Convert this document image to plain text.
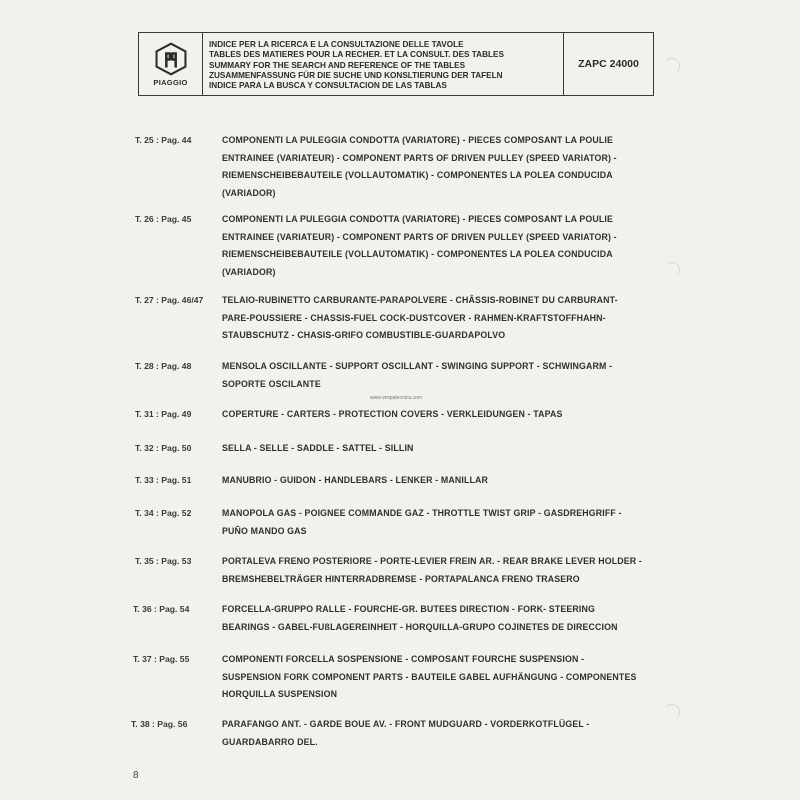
PIAGGIO
INDICE PER LA RICERCA E LA CONSULTAZIONE DELLE TAVOLE
TABLES DES MATIERES POUR LA RECHER. ET LA CONSULT. DES TABLES
SUMMARY FOR THE SEARCH AND REFERENCE OF THE TABLES
ZUSAMMENFASSUNG FÜR DIE SUCHE UND KONSLTIERUNG DER TAFELN
INDICE PARA LA BUSCA Y CONSULTACION DE LAS TABLAS
ZAPC 24000
T. 25 : Pag. 44	COMPONENTI LA PULEGGIA CONDOTTA (VARIATORE) - PIECES COMPOSANT LA POULIE ENTRAINEE (VARIATEUR) - COMPONENT PARTS OF DRIVEN PULLEY (SPEED VARIATOR) - RIEMENSCHEIBEBAUTEILE (VOLLAUTOMATIK) - COMPONENTES LA POLEA CONDUCIDA (VARIADOR)
T. 26 : Pag. 45	COMPONENTI LA PULEGGIA CONDOTTA (VARIATORE) - PIECES COMPOSANT LA POULIE ENTRAINEE (VARIATEUR) - COMPONENT PARTS OF DRIVEN PULLEY (SPEED VARIATOR) - RIEMENSCHEIBEBAUTEILE (VOLLAUTOMATIK) - COMPONENTES LA POLEA CONDUCIDA (VARIADOR)
T. 27 : Pag. 46/47 TELAIO-RUBINETTO CARBURANTE-PARAPOLVERE - CHÂSSIS-ROBINET DU CARBURANT-PARE-POUSSIERE - CHASSIS-FUEL COCK-DUSTCOVER - RAHMEN-KRAFTSTOFFHAHN-STAUBSCHUTZ - CHASIS-GRIFO COMBUSTIBLE-GUARDAPOLVO
T. 28 : Pag. 48	MENSOLA OSCILLANTE - SUPPORT OSCILLANT - SWINGING SUPPORT - SCHWINGARM - SOPORTE OSCILANTE
www.vespatecnica.com
T. 31 : Pag. 49	COPERTURE - CARTERS - PROTECTION COVERS - VERKLEIDUNGEN - TAPAS
T. 32 : Pag. 50	SELLA - SELLE - SADDLE - SATTEL - SILLIN
T. 33 : Pag. 51	MANUBRIO - GUIDON - HANDLEBARS - LENKER - MANILLAR
T. 34 : Pag. 52	MANOPOLA GAS - POIGNEE COMMANDE GAZ - THROTTLE TWIST GRIP - GASDREHGRIFF - PUÑO MANDO GAS
T. 35 : Pag. 53	PORTALEVA FRENO POSTERIORE - PORTE-LEVIER FREIN AR. - REAR BRAKE LEVER HOLDER - BREMSHEBELTRÄGER HINTERRADBREMSE - PORTAPALANCA FRENO TRASERO
T. 36 : Pag. 54	FORCELLA-GRUPPO RALLE - FOURCHE-GR. BUTEES DIRECTION - FORK- STEERING BEARINGS - GABEL-FUßLAGEREINHEIT - HORQUILLA-GRUPO COJINETES DE DIRECCION
T. 37 : Pag. 55	COMPONENTI FORCELLA SOSPENSIONE - COMPOSANT FOURCHE SUSPENSION - SUSPENSION FORK COMPONENT PARTS - BAUTEILE GABEL AUFHÄNGUNG - COMPONENTES HORQUILLA SUSPENSION
T. 38 : Pag. 56	PARAFANGO ANT. - GARDE BOUE AV. - FRONT MUDGUARD - VORDERKOTFLÜGEL - GUARDABARRO DEL.
8
